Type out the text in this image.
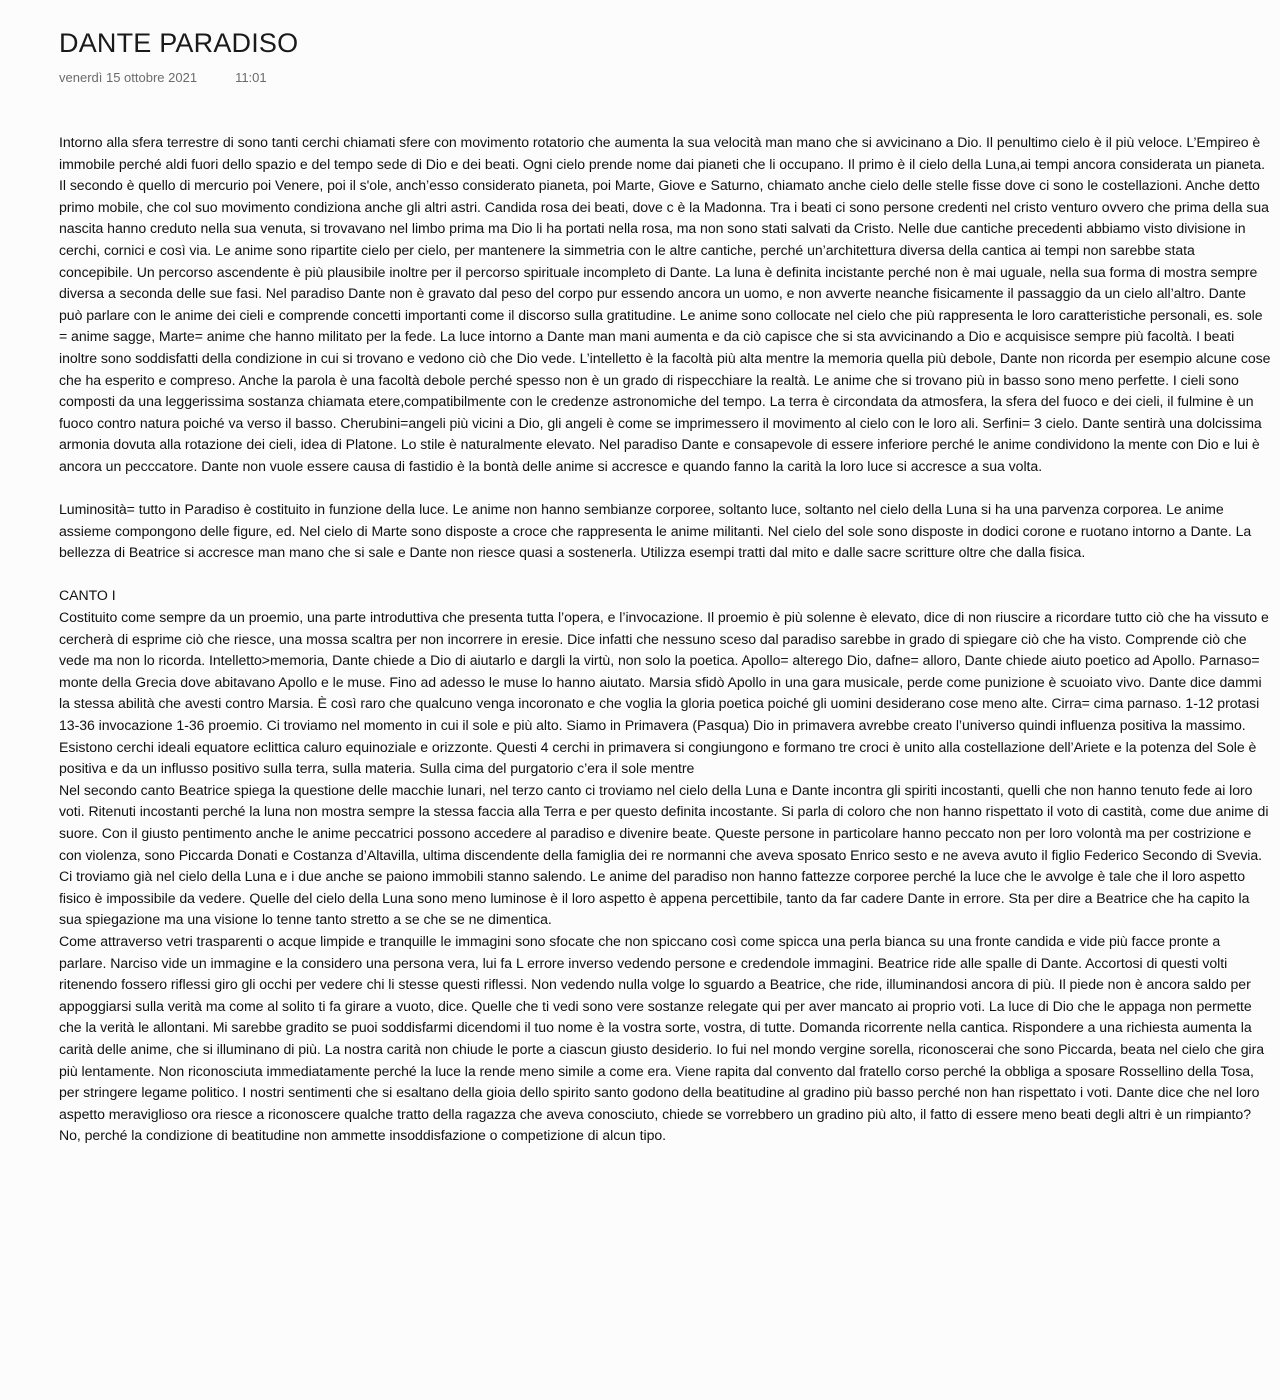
DANTE PARADISO
venerdì 15 ottobre 2021	11:01

Intorno alla sfera terrestre di sono tanti cerchi chiamati sfere con movimento rotatorio che aumenta la sua velocità man mano che si avvicinano a Dio. Il penultimo cielo è il più veloce. L’Empireo è immobile perché aldi fuori dello spazio e del tempo sede di Dio e dei beati. Ogni cielo prende nome dai pianeti che li occupano. Il primo è il cielo della Luna,ai tempi ancora considerata un pianeta. Il secondo è quello di mercurio poi Venere, poi il s'ole, anch’esso considerato pianeta, poi Marte, Giove e Saturno, chiamato anche cielo delle stelle fisse dove ci sono le costellazioni. Anche detto primo mobile, che col suo movimento condiziona anche gli altri astri. Candida rosa dei beati, dove c è la Madonna. Tra i beati ci sono persone credenti nel cristo venturo ovvero che prima della sua nascita hanno creduto nella sua venuta, si trovavano nel limbo prima ma Dio li ha portati nella rosa, ma non sono stati salvati da Cristo. Nelle due cantiche precedenti abbiamo visto divisione in cerchi, cornici e così via. Le anime sono ripartite cielo per cielo, per mantenere la simmetria con le altre cantiche, perché un’architettura diversa della cantica ai tempi non sarebbe stata concepibile. Un percorso ascendente è più plausibile inoltre per il percorso spirituale incompleto di Dante. La luna è definita incistante perché non è mai uguale, nella sua forma di mostra sempre diversa a seconda delle sue fasi. Nel paradiso Dante non è gravato dal peso del corpo pur essendo ancora un uomo, e non avverte neanche fisicamente il passaggio da un cielo all’altro. Dante può parlare con le anime dei cieli e comprende concetti importanti come il discorso sulla gratitudine. Le anime sono collocate nel cielo che più rappresenta le loro caratteristiche personali, es. sole = anime sagge, Marte= anime che hanno militato per la fede. La luce intorno a Dante man mani aumenta e da ciò capisce che si sta avvicinando a Dio e acquisisce sempre più facoltà. I beati inoltre sono soddisfatti della condizione in cui si trovano e vedono ciò che Dio vede. L’intelletto è la facoltà più alta mentre la memoria quella più debole, Dante non ricorda per esempio alcune cose che ha esperito e compreso. Anche la parola è una facoltà debole perché spesso non è un grado di rispecchiare la realtà. Le anime che si trovano più in basso sono meno perfette. I cieli sono composti da una leggerissima sostanza chiamata etere,compatibilmente con le credenze astronomiche del tempo. La terra è circondata da atmosfera, la sfera del fuoco e dei cieli, il fulmine è un fuoco contro natura poiché va verso il basso. Cherubini=angeli più vicini a Dio, gli angeli è come se imprimessero il movimento al cielo con le loro ali. Serfini= 3 cielo. Dante sentirà una dolcissima armonia dovuta alla rotazione dei cieli, idea di Platone. Lo stile è naturalmente elevato. Nel paradiso Dante e consapevole di essere inferiore perché le anime condividono la mente con Dio e lui è ancora un pecccatore. Dante non vuole essere causa di fastidio è la bontà delle anime si accresce e quando fanno la carità la loro luce si accresce a sua volta.

Luminosità= tutto in Paradiso è costituito in funzione della luce. Le anime non hanno sembianze corporee, soltanto luce, soltanto nel cielo della Luna si ha una parvenza corporea. Le anime assieme compongono delle figure, ed. Nel cielo di Marte sono disposte a croce che rappresenta le anime militanti. Nel cielo del sole sono disposte in dodici corone e ruotano intorno a Dante. La bellezza di Beatrice si accresce man mano che si sale e Dante non riesce quasi a sostenerla. Utilizza esempi tratti dal mito e dalle sacre scritture oltre che dalla fisica.

CANTO I

Costituito come sempre da un proemio, una parte introduttiva che presenta tutta l’opera, e l’invocazione. Il proemio è più solenne è elevato, dice di non riuscire a ricordare tutto ciò che ha vissuto e cercherà di esprime ciò che riesce, una mossa scaltra per non incorrere in eresie. Dice infatti che nessuno sceso dal paradiso sarebbe in grado di spiegare ciò che ha visto. Comprende ciò che vede ma non lo ricorda. Intelletto>memoria, Dante chiede a Dio di aiutarlo e dargli la virtù, non solo la poetica. Apollo= alterego Dio, dafne= alloro, Dante chiede aiuto poetico ad Apollo. Parnaso= monte della Grecia dove abitavano Apollo e le muse. Fino ad adesso le muse lo hanno aiutato. Marsia sfidò Apollo in una gara musicale, perde come punizione è scuoiato vivo. Dante dice dammi la stessa abilità che avesti contro Marsia. È così raro che qualcuno venga incoronato e che voglia la gloria poetica poiché gli uomini desiderano cose meno alte. Cirra= cima parnaso. 1-12 protasi 13-36 invocazione 1-36 proemio. Ci troviamo nel momento in cui il sole e più alto. Siamo in Primavera (Pasqua) Dio in primavera avrebbe creato l’universo quindi influenza positiva la massimo. Esistono cerchi ideali equatore eclittica caluro equinoziale e orizzonte. Questi 4 cerchi in primavera si congiungono e formano tre croci è unito alla costellazione dell’Ariete e la potenza del Sole è positiva e da un influsso positivo sulla terra, sulla materia. Sulla cima del purgatorio c’era il sole mentre

Nel secondo canto Beatrice spiega la questione delle macchie lunari, nel terzo canto ci troviamo nel cielo della Luna e Dante incontra gli spiriti incostanti, quelli che non hanno tenuto fede ai loro voti. Ritenuti incostanti perché la luna non mostra sempre la stessa faccia alla Terra e per questo definita incostante. Si parla di coloro che non hanno rispettato il voto di castità, come due anime di suore. Con il giusto pentimento anche le anime peccatrici possono accedere al paradiso e divenire beate. Queste persone in particolare hanno peccato non per loro volontà ma per costrizione e con violenza, sono Piccarda Donati e Costanza d’Altavilla, ultima discendente della famiglia dei re normanni che aveva sposato Enrico sesto e ne aveva avuto il figlio Federico Secondo di Svevia. Ci troviamo già nel cielo della Luna e i due anche se paiono immobili stanno salendo. Le anime del paradiso non hanno fattezze corporee perché la luce che le avvolge è tale che il loro aspetto fisico è impossibile da vedere. Quelle del cielo della Luna sono meno luminose è il loro aspetto è appena percettibile, tanto da far cadere Dante in errore. Sta per dire a Beatrice che ha capito la sua spiegazione ma una visione lo tenne tanto stretto a se che se ne dimentica.

Come attraverso vetri trasparenti o acque limpide e tranquille le immagini sono sfocate che non spiccano così come spicca una perla bianca su una fronte candida e vide più facce pronte a parlare. Narciso vide un immagine e la considero una persona vera, lui fa L errore inverso vedendo persone e credendole immagini. Beatrice ride alle spalle di Dante. Accortosi di questi volti ritenendo fossero riflessi giro gli occhi per vedere chi li stesse questi riflessi. Non vedendo nulla volge lo sguardo a Beatrice, che ride, illuminandosi ancora di più. Il piede non è ancora saldo per appoggiarsi sulla verità ma come al solito ti fa girare a vuoto, dice. Quelle che ti vedi sono vere sostanze relegate qui per aver mancato ai proprio voti. La luce di Dio che le appaga non permette che la verità le allontani. Mi sarebbe gradito se puoi soddisfarmi dicendomi il tuo nome è la vostra sorte, vostra, di tutte. Domanda ricorrente nella cantica. Rispondere a una richiesta aumenta la carità delle anime, che si illuminano di più. La nostra carità non chiude le porte a ciascun giusto desiderio. Io fui nel mondo vergine sorella, riconoscerai che sono Piccarda, beata nel cielo che gira più lentamente. Non riconosciuta immediatamente perché la luce la rende meno simile a come era. Viene rapita dal convento dal fratello corso perché la obbliga a sposare Rossellino della Tosa, per stringere legame politico. I nostri sentimenti che si esaltano della gioia dello spirito santo godono della beatitudine al gradino più basso perché non han rispettato i voti. Dante dice che nel loro aspetto meraviglioso ora riesce a riconoscere qualche tratto della ragazza che aveva conosciuto, chiede se vorrebbero un gradino più alto, il fatto di essere meno beati degli altri è un rimpianto? No, perché la condizione di beatitudine non ammette insoddisfazione o competizione di alcun tipo.
